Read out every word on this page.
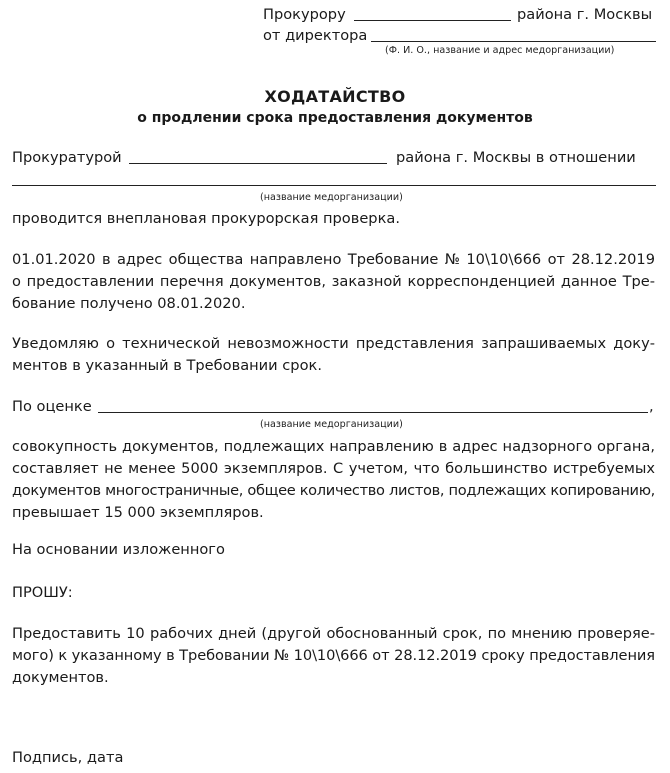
Прокурору	района г. Москвы
от директора
(Ф. И. О., название и адрес медорганизации)
ХОДАТАЙСТВО
о продлении срока предоставления документов
Прокуратурой	района г. Москвы в отношении
(название медорганизации)
проводится внеплановая прокурорская проверка.
01.01.2020 в адрес общества направлено Требование № 10\10\666 от 28.12.2019
о предоставлении перечня документов, заказной корреспонденцией данное Тре-
бование получено 08.01.2020.
Уведомляю о технической невозможности представления запрашиваемых доку-
ментов в указанный в Требовании срок.
По оценке	,
(название медорганизации)
совокупность документов, подлежащих направлению в адрес надзорного органа,
составляет не менее 5000 экземпляров. С учетом, что большинство истребуемых
документов многостраничные, общее количество листов, подлежащих копированию,
превышает 15 000 экземпляров.
На основании изложенного
ПРОШУ:
Предоставить 10 рабочих дней (другой обоснованный срок, по мнению проверяе-
мого) к указанному в Требовании № 10\10\666 от 28.12.2019 сроку предоставления
документов.
Подпись, дата
